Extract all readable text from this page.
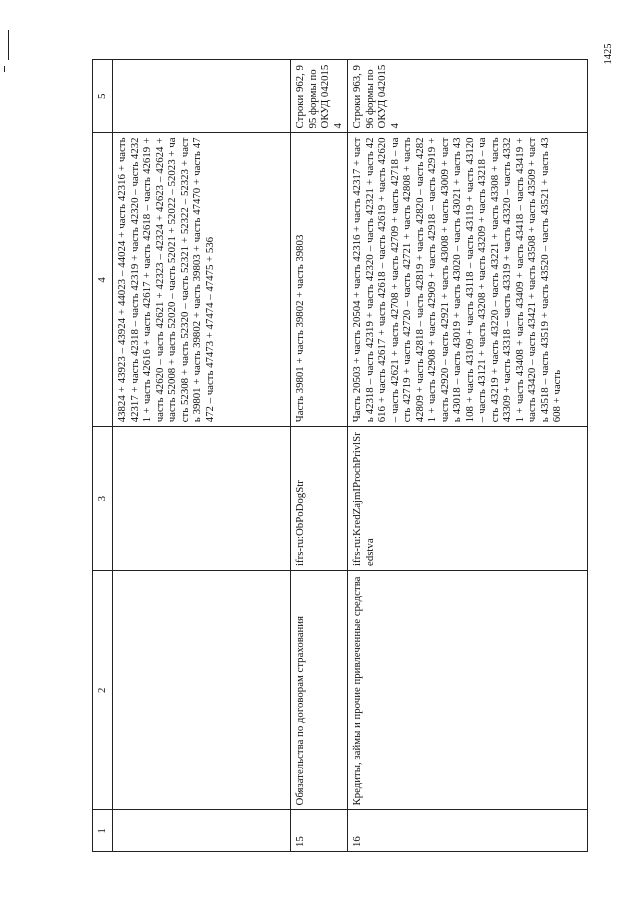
1425
1	2	3	4	5
			43824 + 43923 – 43924 + 44023 – 44024 + часть 42316 + часть 42317 + часть 42318 – часть 42319 + часть 42320 – часть 42321 + часть 42616 + часть 42617 + часть 42618 – часть 42619 + часть 42620 – часть 42621 + 42323 – 42324 + 42623 – 42624 + часть 52008 + часть 52020 – часть 52021 + 52022 – 52023 + часть 52308 + часть 52320 – часть 52321 + 52322 – 52323 + часть 39801 + часть 39802 + часть 39803 + часть 47470 + часть 47472 – часть 47473 + 47474 – 47475 + 536	
15	Обязательства по договорам страхования	ifrs-ru:ObPoDogStr	Часть 39801 + часть 39802 + часть 39803	Строки 962, 995 формы по ОКУД 0420154
16	Кредиты, займы и прочие привлеченные средства	ifrs-ru:KredZajmIProchPrivlSredstva	Часть 20503 + часть 20504 + часть 42316 + часть 42317 + часть 42318 – часть 42319 + часть 42320 – часть 42321 + часть 42616 + часть 42617 + часть 42618 – часть 42619 + часть 42620 – часть 42621 + часть 42708 + часть 42709 + часть 42718 – часть 42719 + часть 42720 – часть 42721 + часть 42808 + часть 42809 + часть 42818 – часть 42819 + часть 42820 – часть 42821 + часть 42908 + часть 42909 + часть 42918 – часть 42919 + часть 42920 – часть 42921 + часть 43008 + часть 43009 + часть 43018 – часть 43019 + часть 43020 – часть 43021 + часть 43108 + часть 43109 + часть 43118 – часть 43119 + часть 43120 – часть 43121 + часть 43208 + часть 43209 + часть 43218 – часть 43219 + часть 43220 – часть 43221 + часть 43308 + часть 43309 + часть 43318 – часть 43319 + часть 43320 – часть 43321 + часть 43408 + часть 43409 + часть 43418 – часть 43419 + часть 43420 – часть 43421 + часть 43508 + часть 43509 + часть 43518 – часть 43519 + часть 43520 – часть 43521 + часть 43608 + часть	Строки 963, 996 формы по ОКУД 0420154
